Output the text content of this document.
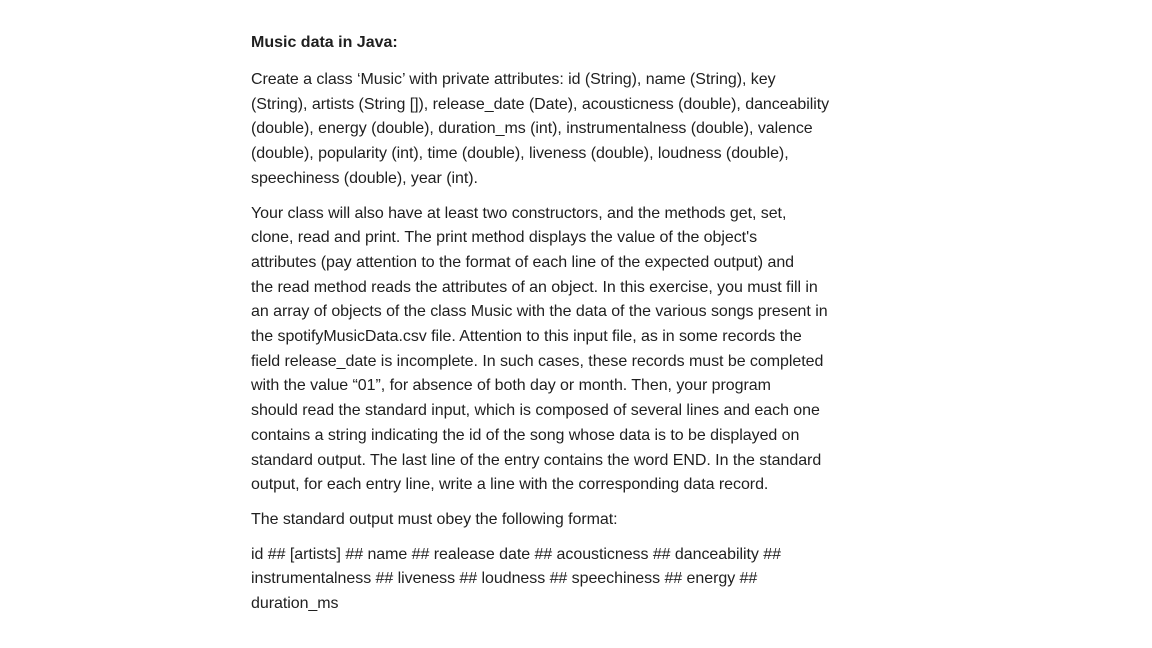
Music data in Java:
Create a class ‘Music’ with private attributes: id (String), name (String), key
(String), artists (String []), release_date (Date), acousticness (double), danceability
(double), energy (double), duration_ms (int), instrumentalness (double), valence
(double), popularity (int), time (double), liveness (double), loudness (double),
speechiness (double), year (int).
Your class will also have at least two constructors, and the methods get, set,
clone, read and print. The print method displays the value of the object's
attributes (pay attention to the format of each line of the expected output) and
the read method reads the attributes of an object. In this exercise, you must fill in
an array of objects of the class Music with the data of the various songs present in
the spotifyMusicData.csv file. Attention to this input file, as in some records the
field release_date is incomplete. In such cases, these records must be completed
with the value “01”, for absence of both day or month. Then, your program
should read the standard input, which is composed of several lines and each one
contains a string indicating the id of the song whose data is to be displayed on
standard output. The last line of the entry contains the word END. In the standard
output, for each entry line, write a line with the corresponding data record.
The standard output must obey the following format:
id ## [artists] ## name ## realease date ## acousticness ## danceability ##
instrumentalness ## liveness ## loudness ## speechiness ## energy ##
duration_ms
